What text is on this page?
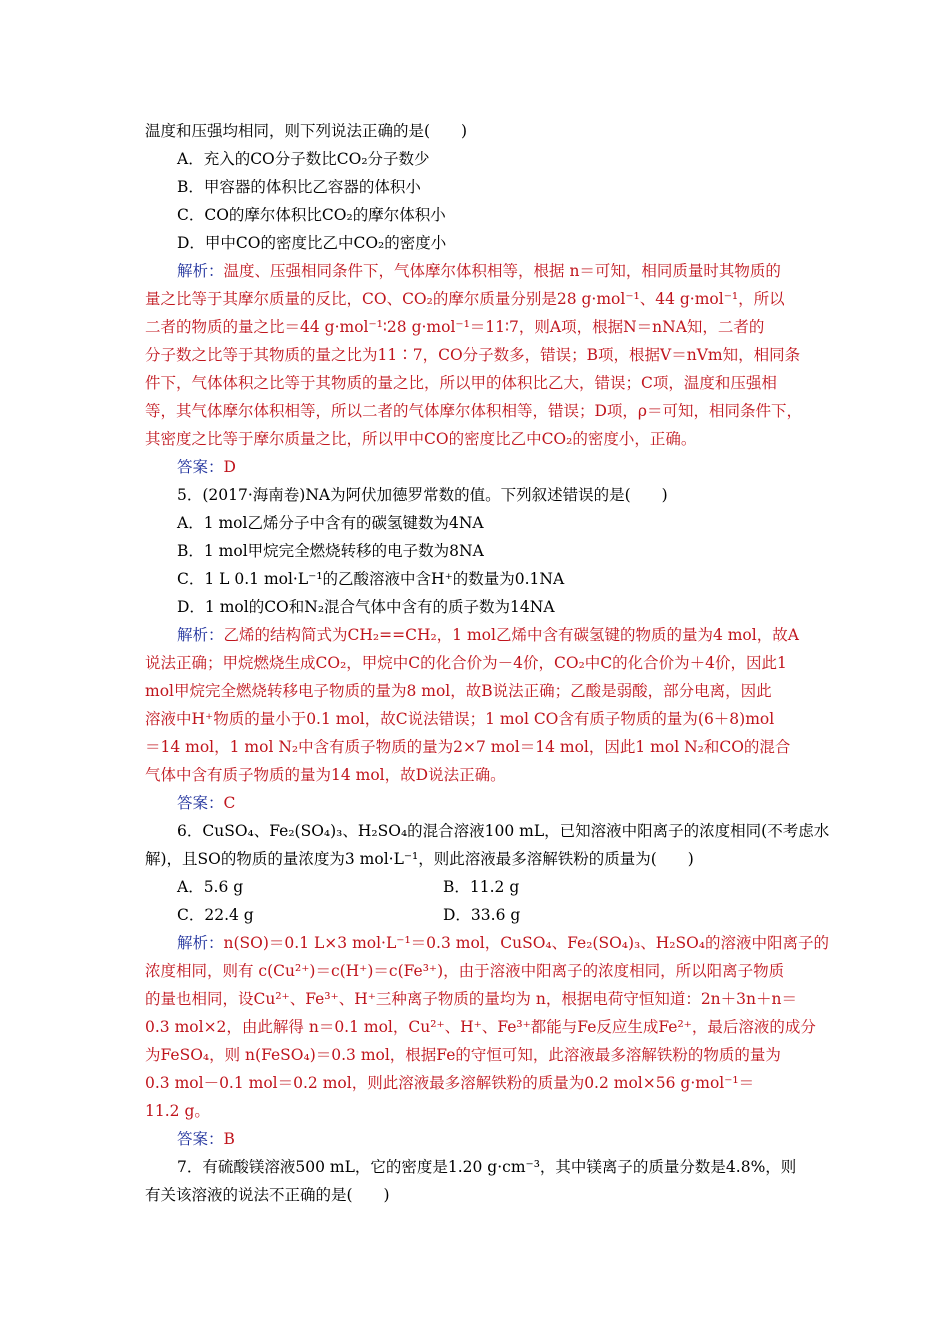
温度和压强均相同，则下列说法正确的是(　　)
A．充入的CO分子数比CO₂分子数少
B．甲容器的体积比乙容器的体积小
C．CO的摩尔体积比CO₂的摩尔体积小
D．甲中CO的密度比乙中CO₂的密度小
解析：温度、压强相同条件下，气体摩尔体积相等，根据 n＝可知，相同质量时其物质的
量之比等于其摩尔质量的反比，CO、CO₂的摩尔质量分别是28 g·mol⁻¹、44 g·mol⁻¹，所以
二者的物质的量之比＝44 g·mol⁻¹∶28 g·mol⁻¹＝11∶7，则A项，根据N＝nNA知，二者的
分子数之比等于其物质的量之比为11∶7，CO分子数多，错误；B项，根据V＝nVm知，相同条
件下，气体体积之比等于其物质的量之比，所以甲的体积比乙大，错误；C项，温度和压强相
等，其气体摩尔体积相等，所以二者的气体摩尔体积相等，错误；D项，ρ＝可知，相同条件下，
其密度之比等于摩尔质量之比，所以甲中CO的密度比乙中CO₂的密度小，正确。
答案：D
5．(2017·海南卷)NA为阿伏加德罗常数的值。下列叙述错误的是(　　)
A．1 mol乙烯分子中含有的碳氢键数为4NA
B．1 mol甲烷完全燃烧转移的电子数为8NA
C．1 L 0.1 mol·L⁻¹的乙酸溶液中含H⁺的数量为0.1NA
D．1 mol的CO和N₂混合气体中含有的质子数为14NA
解析：乙烯的结构简式为CH₂==CH₂，1 mol乙烯中含有碳氢键的物质的量为4 mol，故A
说法正确；甲烷燃烧生成CO₂，甲烷中C的化合价为－4价，CO₂中C的化合价为＋4价，因此1
mol甲烷完全燃烧转移电子物质的量为8 mol，故B说法正确；乙酸是弱酸，部分电离，因此
溶液中H⁺物质的量小于0.1 mol，故C说法错误；1 mol CO含有质子物质的量为(6＋8)mol
＝14 mol，1 mol N₂中含有质子物质的量为2×7 mol＝14 mol，因此1 mol N₂和CO的混合
气体中含有质子物质的量为14 mol，故D说法正确。
答案：C
6．CuSO₄、Fe₂(SO₄)₃、H₂SO₄的混合溶液100 mL，已知溶液中阳离子的浓度相同(不考虑水
解)，且SO的物质的量浓度为3 mol·L⁻¹，则此溶液最多溶解铁粉的质量为(　　)
A．5.6 g	B．11.2 g
C．22.4 g	D．33.6 g
解析：n(SO)＝0.1 L×3 mol·L⁻¹＝0.3 mol，CuSO₄、Fe₂(SO₄)₃、H₂SO₄的溶液中阳离子的
浓度相同，则有 c(Cu²⁺)＝c(H⁺)＝c(Fe³⁺)，由于溶液中阳离子的浓度相同，所以阳离子物质
的量也相同，设Cu²⁺、Fe³⁺、H⁺三种离子物质的量均为 n，根据电荷守恒知道：2n＋3n＋n＝
0.3 mol×2，由此解得 n＝0.1 mol，Cu²⁺、H⁺、Fe³⁺都能与Fe反应生成Fe²⁺，最后溶液的成分
为FeSO₄，则 n(FeSO₄)＝0.3 mol，根据Fe的守恒可知，此溶液最多溶解铁粉的物质的量为
0.3 mol－0.1 mol＝0.2 mol，则此溶液最多溶解铁粉的质量为0.2 mol×56 g·mol⁻¹＝
11.2 g。
答案：B
7．有硫酸镁溶液500 mL，它的密度是1.20 g·cm⁻³，其中镁离子的质量分数是4.8%，则
有关该溶液的说法不正确的是(　　)
